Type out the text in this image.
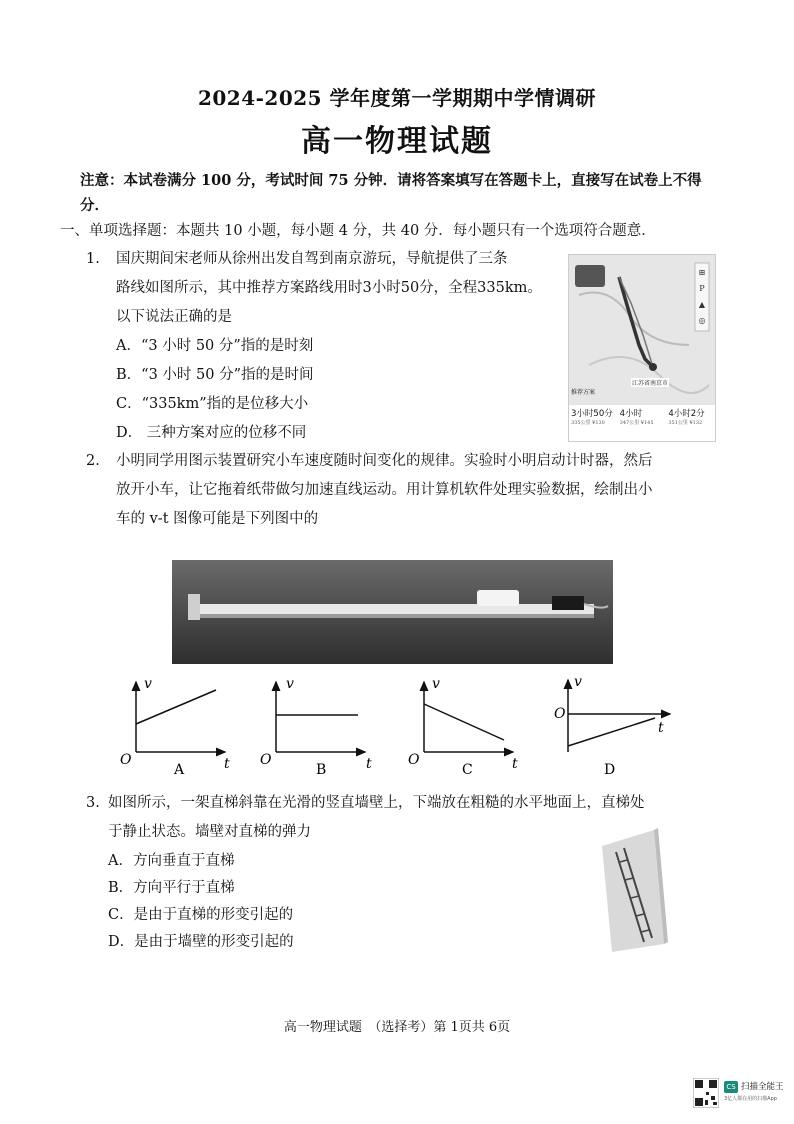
2024-2025 学年度第一学期期中学情调研
高一物理试题
注意：本试卷满分 100 分，考试时间 75 分钟．请将答案填写在答题卡上，直接写在试卷上不得分．
一、单项选择题：本题共 10 小题，每小题 4 分，共 40 分．每小题只有一个选项符合题意．
1. 国庆期间宋老师从徐州出发自驾到南京游玩，导航提供了三条
路线如图所示，其中推荐方案路线用时3小时50分，全程335km。
以下说法正确的是
A．“3 小时 50 分”指的是时刻
B．“3 小时 50 分”指的是时间
C．“335km”指的是位移大小
D． 三种方案对应的位移不同
⊞
P
▲
◎
江苏省南京市
推荐方案
3小时50分
335公里 ¥130
4小时
347公里 ¥145
4小时2分
351公里 ¥132
2. 小明同学用图示装置研究小车速度随时间变化的规律。实验时小明启动计时器，然后
放开小车，让它拖着纸带做匀加速直线运动。用计算机软件处理实验数据，绘制出小
车的 v-t 图像可能是下列图中的
v
O	t
A
v
O	t
B
v
O	t
C
v
O
t
D
3. 如图所示，一架直梯斜靠在光滑的竖直墙壁上，下端放在粗糙的水平地面上，直梯处
于静止状态。墙壁对直梯的弹力
A．方向垂直于直梯
B．方向平行于直梯
C．是由于直梯的形变引起的
D．是由于墙壁的形变引起的
高一物理试题　（选择考）第 1页共 6页
CS 扫描全能王
3亿人都在用的扫描App
